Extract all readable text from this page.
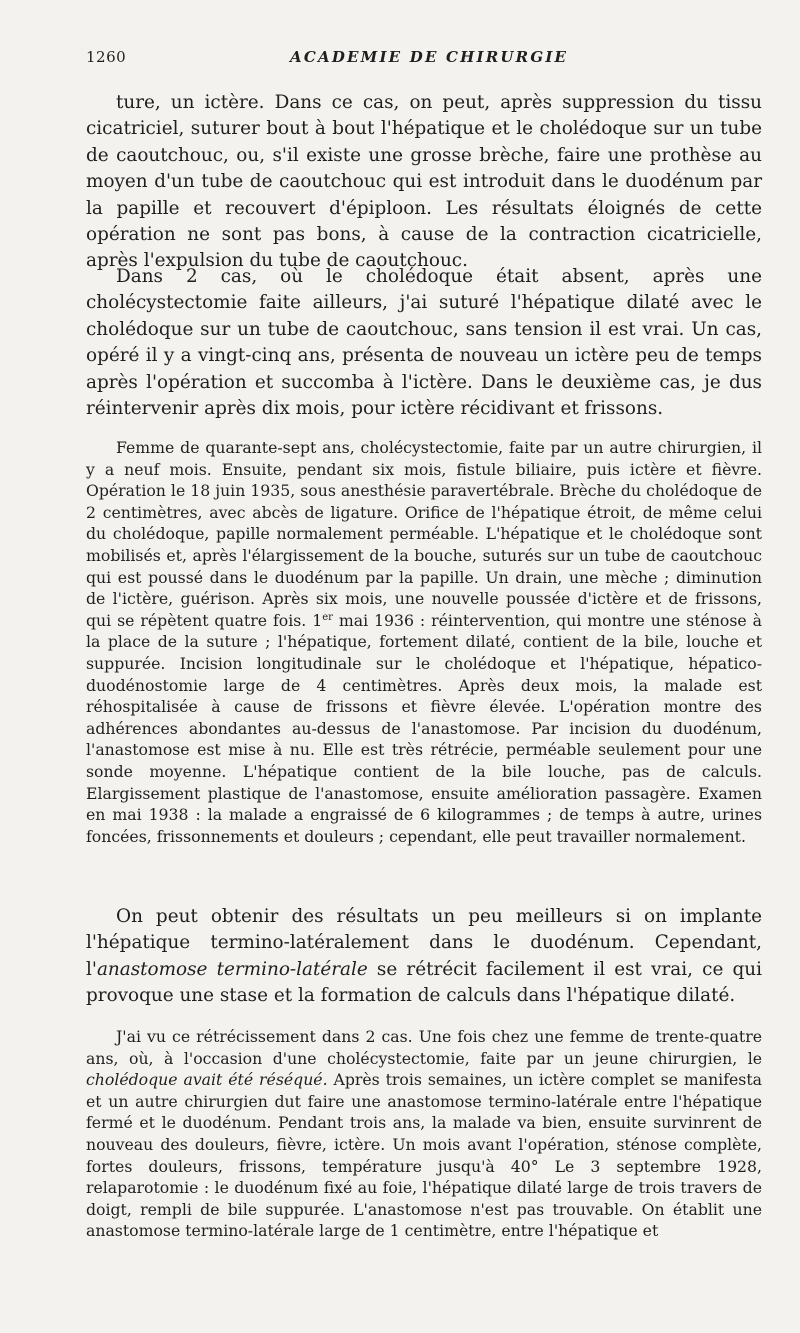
1260	ACADEMIE DE CHIRURGIE

ture, un ictère. Dans ce cas, on peut, après suppression du tissu cicatriciel, suturer bout à bout l'hépatique et le cholédoque sur un tube de caoutchouc, ou, s'il existe une grosse brèche, faire une prothèse au moyen d'un tube de caoutchouc qui est introduit dans le duodénum par la papille et recouvert d'épiploon. Les résultats éloignés de cette opération ne sont pas bons, à cause de la contraction cicatricielle, après l'expulsion du tube de caoutchouc.

Dans 2 cas, où le cholédoque était absent, après une cholécystectomie faite ailleurs, j'ai suturé l'hépatique dilaté avec le cholédoque sur un tube de caoutchouc, sans tension il est vrai. Un cas, opéré il y a vingt-cinq ans, présenta de nouveau un ictère peu de temps après l'opération et succomba à l'ictère. Dans le deuxième cas, je dus réintervenir après dix mois, pour ictère récidivant et frissons.

Femme de quarante-sept ans, cholécystectomie, faite par un autre chirurgien, il y a neuf mois. Ensuite, pendant six mois, fistule biliaire, puis ictère et fièvre. Opération le 18 juin 1935, sous anesthésie paravertébrale. Brèche du cholédoque de 2 centimètres, avec abcès de ligature. Orifice de l'hépatique étroit, de même celui du cholédoque, papille normalement perméable. L'hépatique et le cholédoque sont mobilisés et, après l'élargissement de la bouche, suturés sur un tube de caoutchouc qui est poussé dans le duodénum par la papille. Un drain, une mèche ; diminution de l'ictère, guérison. Après six mois, une nouvelle poussée d'ictère et de frissons, qui se répètent quatre fois. 1er mai 1936 : réintervention, qui montre une sténose à la place de la suture ; l'hépatique, fortement dilaté, contient de la bile, louche et suppurée. Incision longitudinale sur le cholédoque et l'hépatique, hépatico-duodénostomie large de 4 centimètres. Après deux mois, la malade est réhospitalisée à cause de frissons et fièvre élevée. L'opération montre des adhérences abondantes au-dessus de l'anastomose. Par incision du duodénum, l'anastomose est mise à nu. Elle est très rétrécie, perméable seulement pour une sonde moyenne. L'hépatique contient de la bile louche, pas de calculs. Elargissement plastique de l'anastomose, ensuite amélioration passagère. Examen en mai 1938 : la malade a engraissé de 6 kilogrammes ; de temps à autre, urines foncées, frissonnements et douleurs ; cependant, elle peut travailler normalement.

On peut obtenir des résultats un peu meilleurs si on implante l'hépatique termino-latéralement dans le duodénum. Cependant, l'anastomose termino-latérale se rétrécit facilement il est vrai, ce qui provoque une stase et la formation de calculs dans l'hépatique dilaté.

J'ai vu ce rétrécissement dans 2 cas. Une fois chez une femme de trente-quatre ans, où, à l'occasion d'une cholécystectomie, faite par un jeune chirurgien, le cholédoque avait été réséqué. Après trois semaines, un ictère complet se manifesta et un autre chirurgien dut faire une anastomose termino-latérale entre l'hépatique fermé et le duodénum. Pendant trois ans, la malade va bien, ensuite survinrent de nouveau des douleurs, fièvre, ictère. Un mois avant l'opération, sténose complète, fortes douleurs, frissons, température jusqu'à 40° Le 3 septembre 1928, relaparotomie : le duodénum fixé au foie, l'hépatique dilaté large de trois travers de doigt, rempli de bile suppurée. L'anastomose n'est pas trouvable. On établit une anastomose termino-latérale large de 1 centimètre, entre l'hépatique et
